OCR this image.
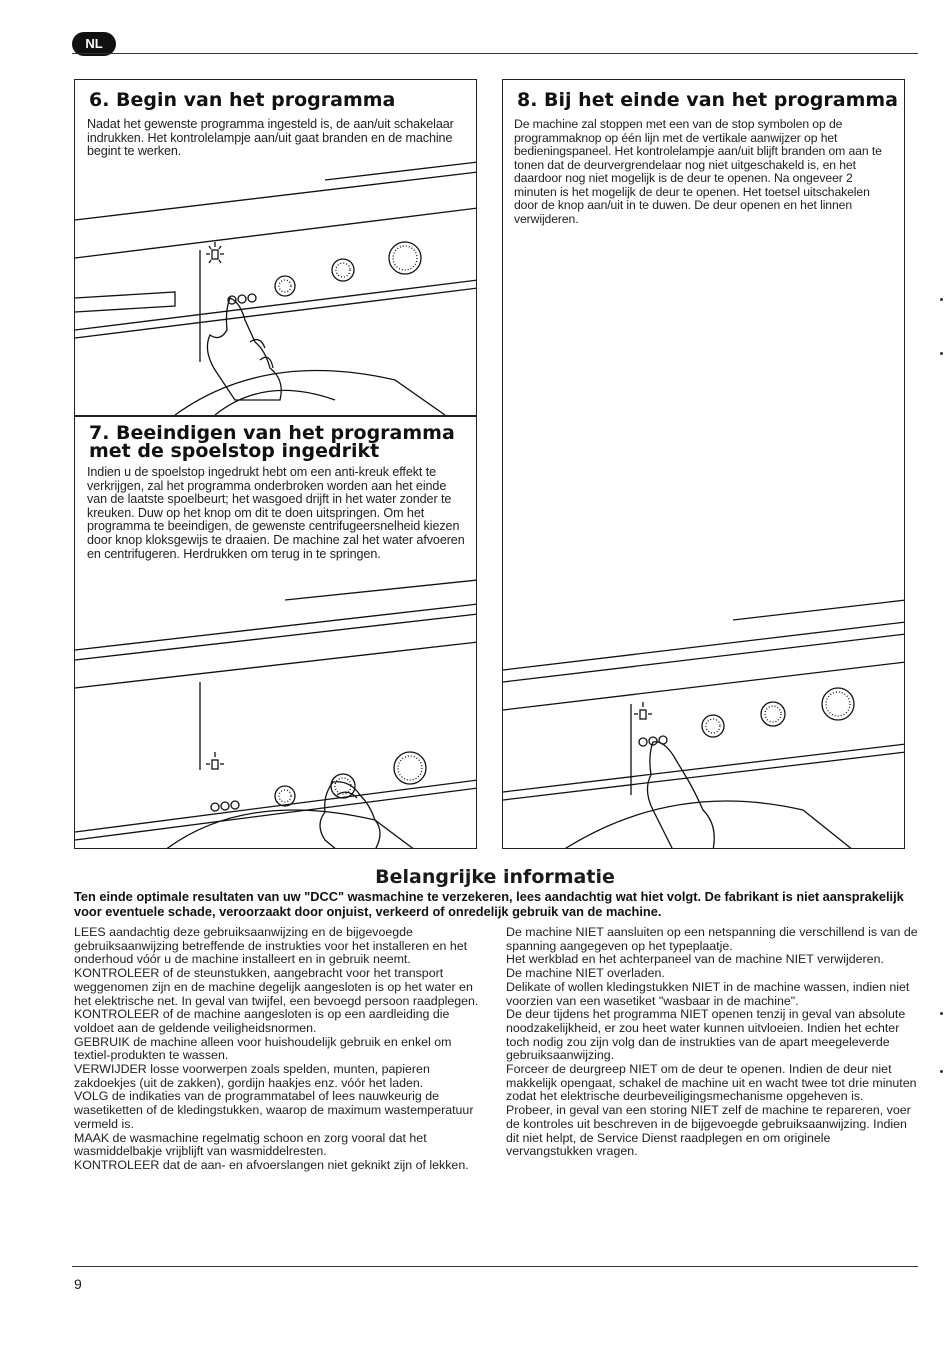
NL
6. Begin van het programma
Nadat het gewenste programma ingesteld is, de aan/uit schakelaar indrukken. Het kontrolelampje aan/uit gaat branden en de machine begint te werken.
7. Beeindigen van het programma
met de spoelstop ingedrikt
Indien u de spoelstop ingedrukt hebt om een anti-kreuk effekt te verkrijgen, zal het programma onderbroken worden aan het einde van de laatste spoelbeurt; het wasgoed drijft in het water zonder te kreuken. Duw op het knop om dit te doen uitspringen. Om het programma te beeindigen, de gewenste centrifugeersnelheid kiezen door knop kloksgewijs te draaien. De machine zal het water afvoeren en centrifugeren. Herdrukken om terug in te springen.
8. Bij het einde van het programma
De machine zal stoppen met een van de stop symbolen op de programmaknop op één lijn met de vertikale aanwijzer op het bedieningspaneel. Het kontrolelampje aan/uit blijft branden om aan te tonen dat de deurvergrendelaar nog niet uitgeschakeld is, en het daardoor nog niet mogelijk is de deur te openen. Na ongeveer 2 minuten is het mogelijk de deur te openen. Het toetsel uitschakelen door de knop aan/uit in te duwen. De deur openen en het linnen verwijderen.
Belangrijke informatie
Ten einde optimale resultaten van uw "DCC" wasmachine te verzekeren, lees aandachtig wat hiet volgt. De fabrikant is niet aansprakelijk voor eventuele schade, veroorzaakt door onjuist, verkeerd of onredelijk gebruik van de machine.

LEES aandachtig deze gebruiksaanwijzing en de bijgevoegde gebruiksaanwijzing betreffende de instrukties voor het installeren en het onderhoud vóór u de machine installeert en in gebruik neemt.

KONTROLEER of de steunstukken, aangebracht voor het transport weggenomen zijn en de machine degelijk aangesloten is op het water en het elektrische net. In geval van twijfel, een bevoegd persoon raadplegen.

KONTROLEER of de machine aangesloten is op een aardleiding die voldoet aan de geldende veiligheidsnormen.

GEBRUIK de machine alleen voor huishoudelijk gebruik en enkel om textiel-produkten te wassen.

VERWIJDER losse voorwerpen zoals spelden, munten, papieren zakdoekjes (uit de zakken), gordijn haakjes enz. vóór het laden.

VOLG de indikaties van de programmatabel of lees nauwkeurig de wasetiketten of de kledingstukken, waarop de maximum wastemperatuur vermeld is.

MAAK de wasmachine regelmatig schoon en zorg vooral dat het wasmiddelbakje vrijblijft van wasmiddelresten.

KONTROLEER dat de aan- en afvoerslangen niet geknikt zijn of lekken.

De machine NIET aansluiten op een netspanning die verschillend is van de spanning aangegeven op het typeplaatje.

Het werkblad en het achterpaneel van de machine NIET verwijderen.

De machine NIET overladen.

Delikate of wollen kledingstukken NIET in de machine wassen, indien niet voorzien van een wasetiket "wasbaar in de machine".

De deur tijdens het programma NIET openen tenzij in geval van absolute noodzakelijkheid, er zou heet water kunnen uitvloeien. Indien het echter toch nodig zou zijn volg dan de instrukties van de apart meegeleverde gebruiksaanwijzing.

Forceer de deurgreep NIET om de deur te openen. Indien de deur niet makkelijk opengaat, schakel de machine uit en wacht twee tot drie minuten zodat het elektrische deurbeveiligingsmechanisme opgeheven is.

Probeer, in geval van een storing NIET zelf de machine te repareren, voer de kontroles uit beschreven in de bijgevoegde gebruiksaanwijzing. Indien dit niet helpt, de Service Dienst raadplegen en om originele vervangstukken vragen.

9
